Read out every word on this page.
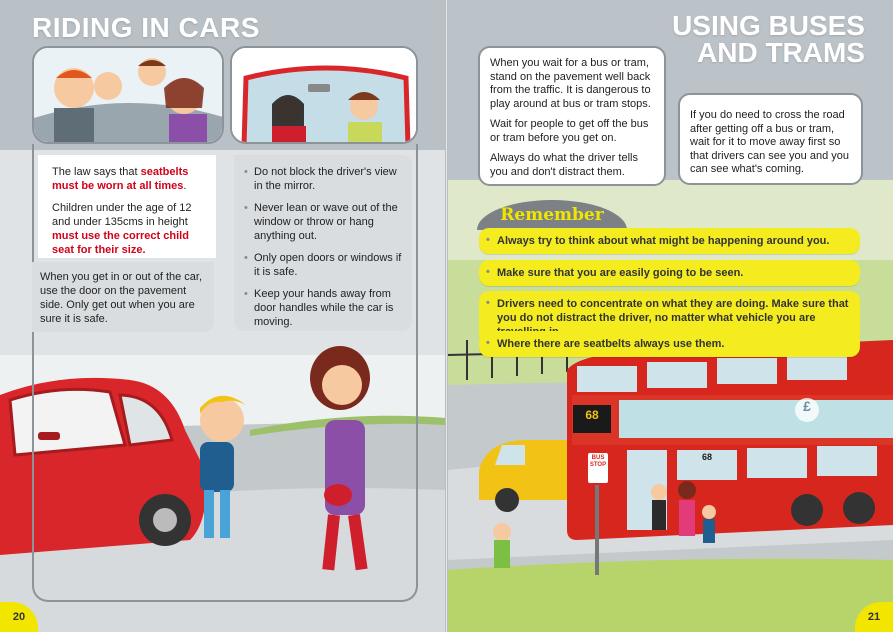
RIDING IN CARS

The law says that seatbelts must be worn at all times.

Children under the age of 12 and under 135cms in height must use the correct child seat for their size.

When you get in or out of the car, use the door on the pavement side. Only get out when you are sure it is safe.
• Do not block the driver's view in the mirror.
• Never lean or wave out of the window or throw or hang anything out.
• Only open doors or windows if it is safe.
• Keep your hands away from door handles while the car is moving.
20
BUS STOP
68
68
£
USING BUSES
AND TRAMS

When you wait for a bus or tram, stand on the pavement well back from the traffic. It is dangerous to play around at bus or tram stops.

Wait for people to get off the bus or tram before you get on.

Always do what the driver tells you and don't distract them.

If you do need to cross the road after getting off a bus or tram, wait for it to move away first so that drivers can see you and you can see what's coming.
Remember
• Always try to think about what might be happening around you.
• Make sure that you are easily going to be seen.
• Drivers need to concentrate on what they are doing. Make sure that you do not distract the driver, no matter what vehicle you are
• Where there are seatbelts always use them.
21
